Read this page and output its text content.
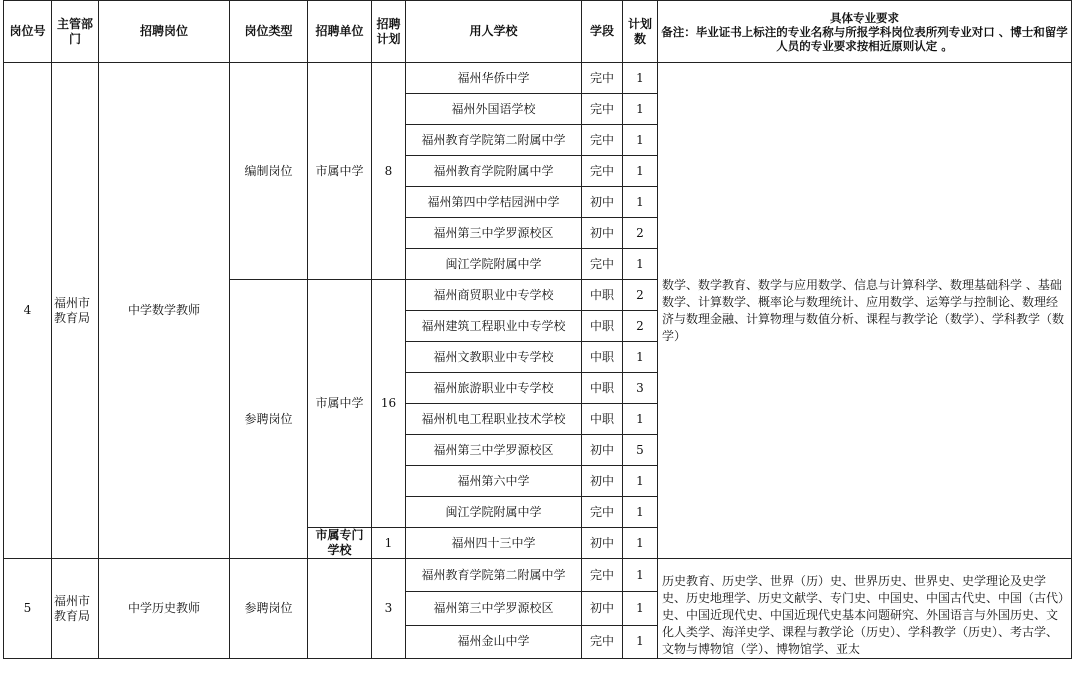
岗位号	主管部门	招聘岗位	岗位类型	招聘单位	招聘计划	用人学校	学段	计划数	具体专业要求
备注：毕业证书上标注的专业名称与所报学科岗位表所列专业对口 、博士和留学人员的专业要求按相近原则认定 。

4	福州市教育局	中学数学教师	编制岗位	市属中学	8	福州华侨中学	完中	1	数学、数学教育、数学与应用数学、信息与计算科学、数理基础科学 、基础数学、计算数学、概率论与数理统计、应用数学、运筹学与控制论、数理经济与数理金融、计算物理与数值分析、课程与教学论（数学）、学科教学（数学）
						福州外国语学校	完中	1	
						福州教育学院第二附属中学	完中	1	
						福州教育学院附属中学	完中	1	
						福州第四中学桔园洲中学	初中	1	
						福州第三中学罗源校区	初中	2	
						闽江学院附属中学	完中	1	
			参聘岗位	市属中学	16	福州商贸职业中专学校	中职	2	
						福州建筑工程职业中专学校	中职	2	
						福州文教职业中专学校	中职	1	
						福州旅游职业中专学校	中职	3	
						福州机电工程职业技术学校	中职	1	
						福州第三中学罗源校区	初中	5	
						福州第六中学	初中	1	
						闽江学院附属中学	完中	1	
				市属专门学校	1	福州四十三中学	初中	1	
5	福州市教育局	中学历史教师	参聘岗位		3	福州教育学院第二附属中学	完中	1	历史教育、历史学、世界（历）史、世界历史、世界史、史学理论及史学史、历史地理学、历史文献学、专门史、中国史、中国古代史、中国（古代）史、中国近现代史、中国近现代史基本问题研究、外国语言与外国历史、文化人类学、海洋史学、课程与教学论（历史）、学科教学（历史）、考古学、文物与博物馆（学）、博物馆学、亚太
						福州第三中学罗源校区	初中	1	
						福州金山中学	完中	1	
